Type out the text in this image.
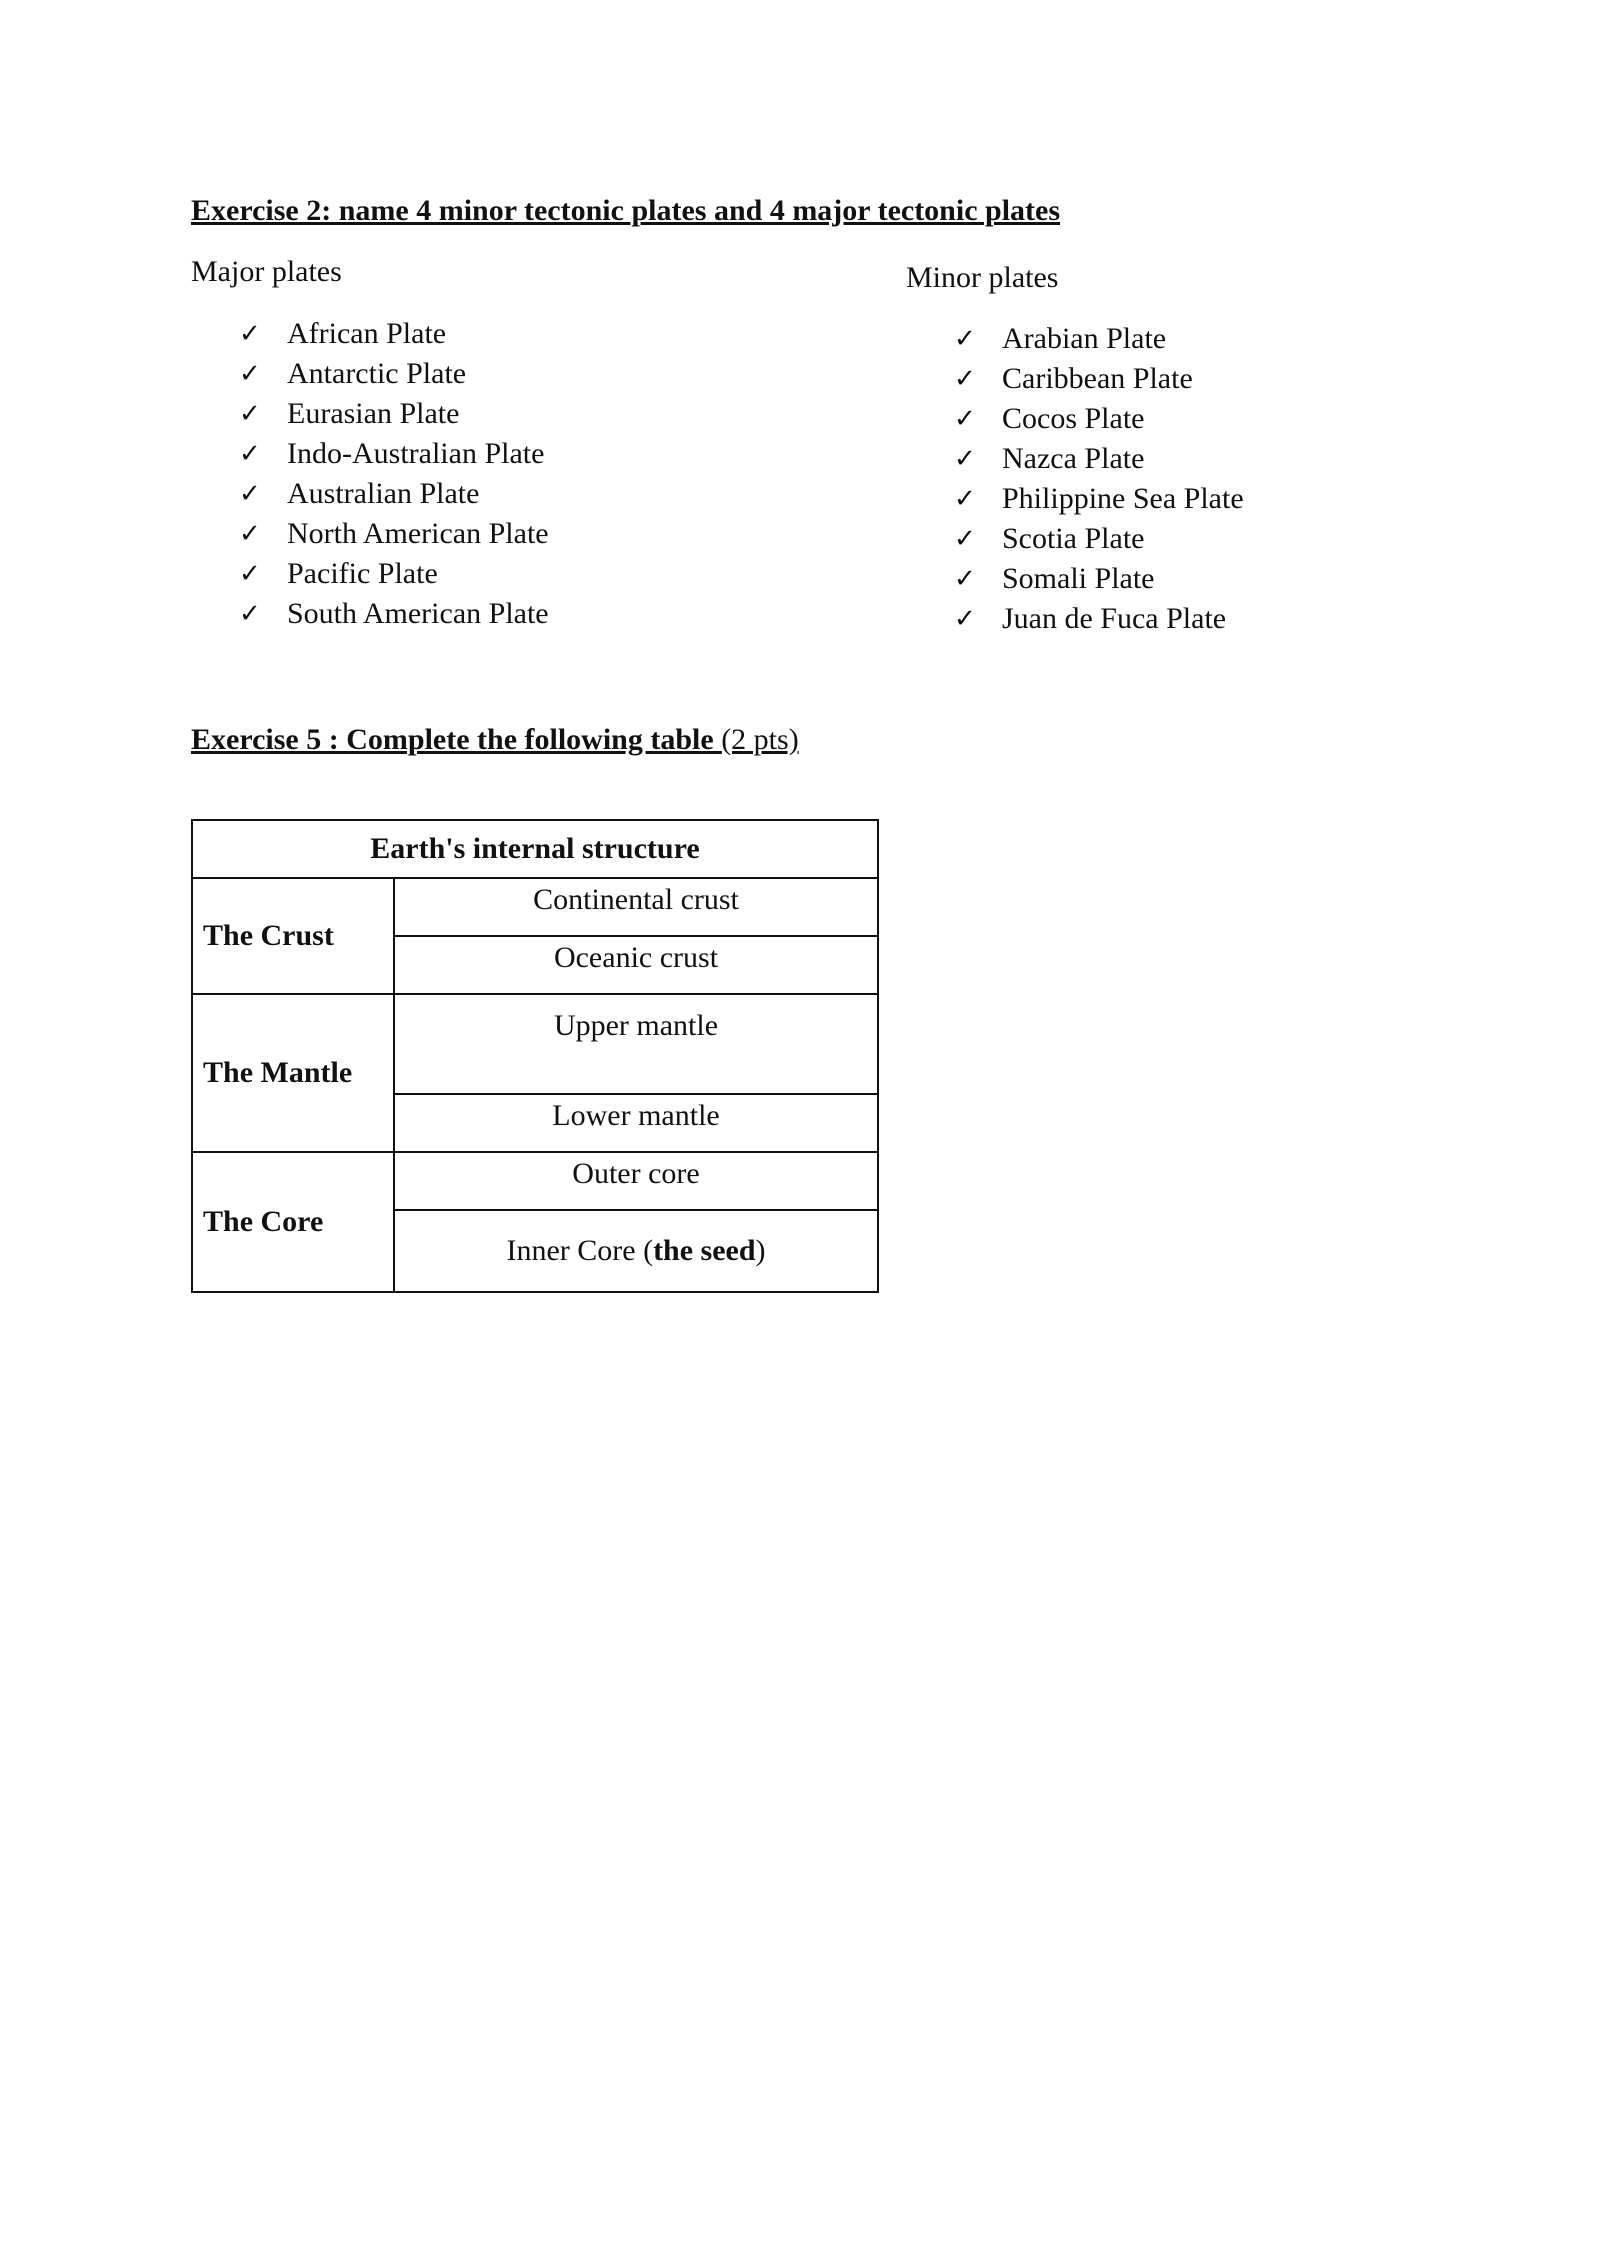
Exercise 2: name 4 minor tectonic plates and 4 major tectonic plates
Major plates
✓ African Plate
✓ Antarctic Plate
✓ Eurasian Plate
✓ Indo-Australian Plate
✓ Australian Plate
✓ North American Plate
✓ Pacific Plate
✓ South American Plate
Minor plates
✓ Arabian Plate
✓ Caribbean Plate
✓ Cocos Plate
✓ Nazca Plate
✓ Philippine Sea Plate
✓ Scotia Plate
✓ Somali Plate
✓ Juan de Fuca Plate
Exercise 5 : Complete the following table (2 pts)
Earth's internal structure	
The Crust	Continental crust
	Oceanic crust
The Mantle	Upper mantle
	Lower mantle
The Core	Outer core
	Inner Core (the seed)
